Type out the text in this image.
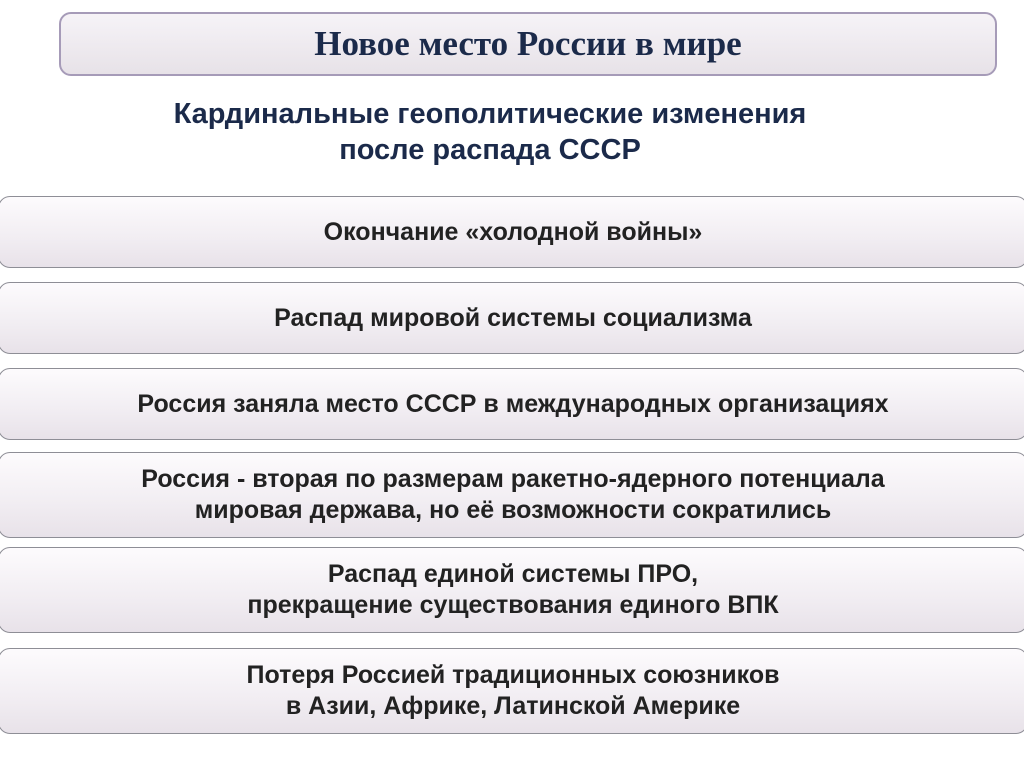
Новое место России в мире
Кардинальные геополитические изменения
после распада СССР
Окончание «холодной войны»
Распад мировой системы социализма
Россия заняла место СССР в международных организациях
Россия - вторая по размерам ракетно-ядерного потенциала
мировая держава, но её возможности сократились
Распад единой системы ПРО,
прекращение существования единого ВПК
Потеря Россией традиционных союзников
в Азии, Африке, Латинской Америке
